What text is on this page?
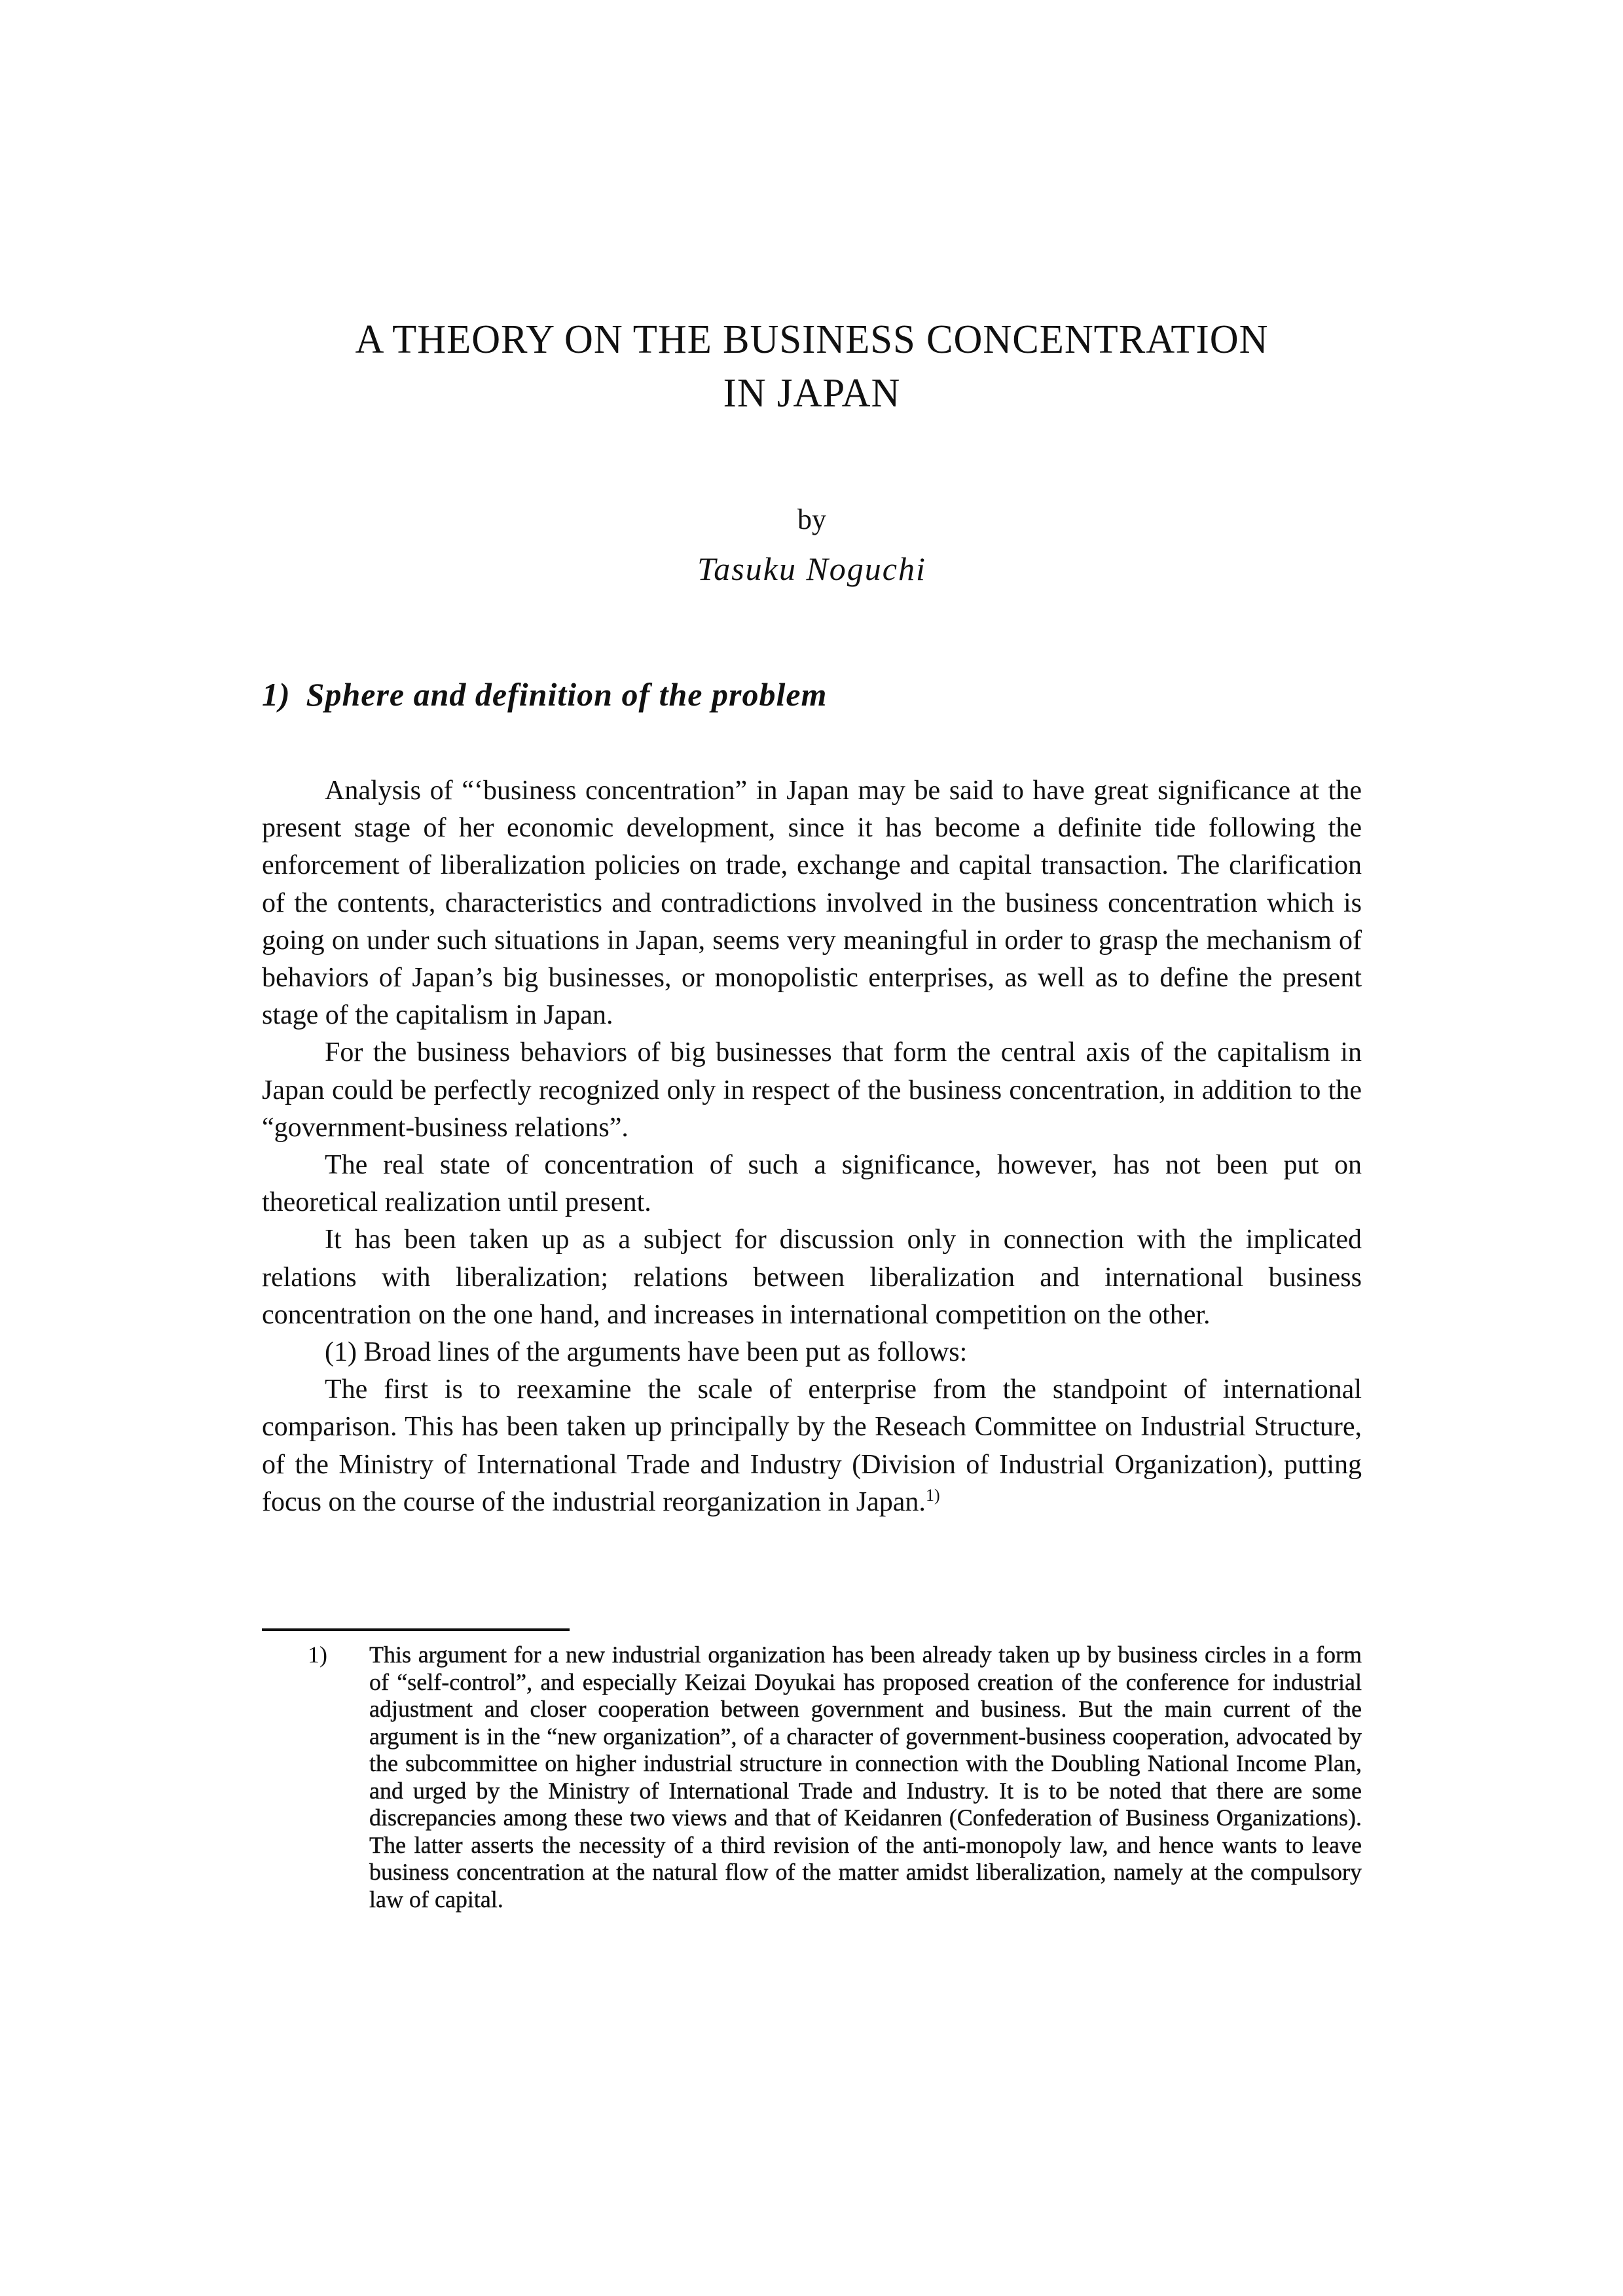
A THEORY ON THE BUSINESS CONCENTRATION
IN JAPAN
by
Tasuku Noguchi
1) Sphere and definition of the problem

Analysis of “‘business concentration” in Japan may be said to have great significance at the present stage of her economic development, since it has become a definite tide following the enforcement of liberalization policies on trade, exchange and capital transaction. The clarification of the contents, characteristics and contradictions involved in the business concentration which is going on under such situations in Japan, seems very meaningful in order to grasp the mechanism of behaviors of Japan’s big businesses, or monopolistic enterprises, as well as to define the present stage of the capitalism in Japan.

For the business behaviors of big businesses that form the central axis of the capitalism in Japan could be perfectly recognized only in respect of the business concentration, in addition to the “government-business relations”.

The real state of concentration of such a significance, however, has not been put on theoretical realization until present.

It has been taken up as a subject for discussion only in connection with the implicated relations with liberalization; relations between liberalization and international business concentration on the one hand, and increases in international competition on the other.

(1) Broad lines of the arguments have been put as follows:

The first is to reexamine the scale of enterprise from the standpoint of international comparison. This has been taken up principally by the Reseach Committee on Industrial Structure, of the Ministry of International Trade and Industry (Division of Industrial Organization), putting focus on the course of the industrial reorganization in Japan.$^{1)}$

1) This argument for a new industrial organization has been already taken up by business circles in a form of “self-control”, and especially Keizai Doyukai has proposed creation of the conference for industrial adjustment and closer cooperation between government and business. But the main current of the argument is in the “new organization”, of a character of government-business cooperation, advocated by the subcommittee on higher industrial structure in connection with the Doubling National Income Plan, and urged by the Ministry of International Trade and Industry. It is to be noted that there are some discrepancies among these two views and that of Keidanren (Confederation of Business Organizations). The latter asserts the necessity of a third revision of the anti-monopoly law, and hence wants to leave business concentration at the natural flow of the matter amidst liberalization, namely at the compulsory law of capital.
